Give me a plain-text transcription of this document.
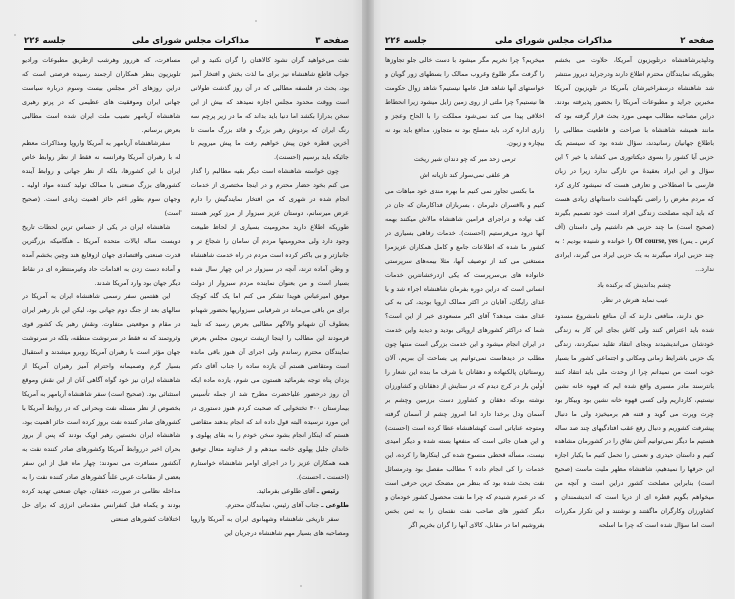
جلسه ۲۲۶	مذاکرات مجلس شورای ملی	صفحه ۳

نفت می‌خواهید گران نشود کالاهتان را گران نکنید و این جواب قاطع شاهنشاه نیز برای ما لذت بخش و افتخار آمیز بود، بحث در فلسفه مطالبی که در آن روز گذشت طولانی است ووقت محدود مجلس اجازه نمیدهد که بیش از این سخن بدرازا بکشد اما دنیا باید بداند که ما در زیر پرچم سه رنگ ایران که بردوش رهبر بزرگ و قائد بزرگ ماست تا آخرین قطره خون پیش خواهیم رفت ما پیش میرویم تا جائیکه باید برسیم (احسنت).

چون خواسته شاهنشاه است دیگر بقیه مطالبم را گذار می کنم بخود حضار محترم و در اینجا مختصری از خدمات انجام شده در شهری که من افتخار نمایندگیش را دارم عرض میرسانم، دوستان عزیز سبزوار از مرز کویر هستند طوریکه اطلاع دارید محرومیت بسیاری از لحاظ طبیعت وجود دارد ولی محرومیتها مردم آن سامان را شجاع تر و جانبازتر و بی باکتر کرده است مردم در راه خدمت شاهنشاه و وطن آماده ترند، آنچه در سبزوار در این چهار سال شده بسیار است و من بعنوان نماینده مردم سبزوار از دولت موفق امیرعباس هویدا تشکر می کنم اما یک گله کوچک برای من باقی می‌ماند در شرفیابی سبزواریها بحضور شهبانو بعطوف آن شهبانو والاگهر مطالبی بعرض رسید که تأیید فرمودند این مطالب را اینجا ازپشت تریبون مجلس بعرض نمایندگان محترم رساندم ولی اجرای آن هنوز باقی مانده است ومتقاضی هستم آن یازده ساده را جناب آقای دکتر یزدان پناه توجه بفرمائید هستون می شوم، یازده ماده ایکه آن روز درحضور علیاحضرت مطرح شد از جمله تأسیس بیمارستان ۳۰۰ تختخوابی که صحبت کردم هنوز دستوری در این مورد نرسیده البته قول داده اند که انجام بدهند متقاضی هستم که اینکار انجام بشود سخن خودم را به بقای پهلوی و خاندان جلیل پهلوی خاتمه میدهم و از خداوند متعال توفیق همه همکاران عزیز را در اجرای اوامر شاهنشاه خواستارم (احسنت ـ احسنت).

رئیس ـ آقای طلوعی بفرمائید.

طلوعی ـ جناب آقای رئیس، نمایندگان محترم.

سفر تاریخی شاهنشاه وشهبانوی ایران به آمریکا واروپا ومصاحبه های بسیار مهم شاهنشاه درجریان این

مسافرت، که هرروز وهرشب ازطریق مطبوعات ورادیو تلویزیون بنظر همکاران ارجمند رسیده فرصتی است که دراین روزهای آخر مجلس بیست وسوم درباره سیاست جهانی ایران وموفقیت های عظیمی که در پرتو رهبری شاهنشاه آریامهر نصیب ملت ایران شده است مطالبی بعرض برسانم.

سفرشاهنشاه آریامهر به آمریکا واروپا ومذاکرات معظم له با رهبران آمریکا وفرانسه نه فقط از نظر روابط خاص ایران با این کشورها، بلکه از نظر جهانی و روابط آینده کشورهای بزرگ صنعتی با ممالک تولید کننده مواد اولیه ـ وجهان سوم بطور اعم حائز اهمیت زیادی است. (صحیح است)

شاهنشاه ایران در یکی از حساس ترین لحظات تاریخ دویست ساله ایالات متحده آمریکا ـ هنگامیکه بزرگترین قدرت صنعتی واقتصادی جهان ازوقایع هند وچین بخشم آمده و آماده دست زدن به اقدامات حاد وغیرمنتظره ای در نقاط دیگر جهان بود وارد آمریکا شدند.

این هفتمین سفر رسمی شاهنشاه ایران به آمریکا در سالهای بعد از جنگ دوم جهانی بود، لیکن این بار رهبر ایران در مقام و موقعیتی متفاوت. ونقش رهبر یک کشور قوی وثروتمند که نه فقط در سرنوشت منطقه، بلکه در سرنوشت جهان مؤثر است با رهبران آمریکا روبرو میشدند و استقبال بسیار گرم وصمیمانه واحترام آمیز رهبران آمریکا از شاهنشاه ایران نیز خود گواه آگاهی آنان از این نقش وموقع استثنائی بود. (صحیح است) سفر شاهنشاه آریامهر به آمریکا بخصوص از نظر مسئله نفت وبحرانی که در روابط آمریکا با کشورهای صادر کننده نفت بروز کرده است حائز اهمیت بود، شاهنشاه ایران نخستین رهبر اوپک بودند که پس از بروز بحران اخیر درروابط آمریکا وکشورهای صادر کننده نفت به آنکشور مسافرت می نمودند: چهار ماه قبل از این سفر بعضی از مقامات غربی علناً کشورهای صادر کننده نفت را به مداخله نظامی در صورت، خفقان، جهان صنعتی تهدید کرده بودند و یکماه قبل کنفرانس مقدماتی انرژی که برای حل اختلافات کشورهای صنعتی

جلسه ۲۲۶	مذاکرات مجلس شورای ملی	صفحه ۲

ودلپذیرشاهنشاه درتلویزیون آمریکا، حلاوت می بخشم بطوریکه نمایندگان محترم اطلاع دارند ودرجراید دیروز منتشر شد شاهنشاه درسفراخیرشان بآمریکا در تلویزیون آمریکا مخبرین جراید و مطبوعات آمریکا را بحضور پذیرفته بودند. دراین مصاحبه مطالب مهمی مورد بحث قرار گرفته بود که مانند همیشه شاهنشاه با صراحت و قاطعیت مطالبی را باطلاع جهانیان رسانیدند، سؤال شده بود که سیستم یک حزبی آیا کشور را بسوی دیکتاتوری می کشاند یا خیر ؟ این سؤال و این ایراد بعقیدهٔ من تازگی ندارد زیرا در زبان فارسی ما اصطلاحی و تعارفی هست که نمیشود کاری کرد که مردم مغرض را راضی نگهداشت داستانهای زیادی هست که باید آنچه مصلحت زندگی افراد است خود تصمیم بگیرند (صحیح است) ما چند حزبی هم داشتیم ولی داستان (آف کرس ـ یس) Of course, yes را خوانده و شنیده بودیم ؛ به چند حزبی ایراد میگیرند به یک حزبی ایراد می گیرند، ایرادی ندارد...

چشم بداندیش که برکنده باد

عیب نماید هنرش در نظر.

حق دارند، منافعی دارند که آن منافع نامشروع مسدود شده باید اعتراض کنند ولی کاش بجای این کار به زندگی خودشان می‌اندیشیدند وبجای انتقاد تقلید نمیکردند، زندگی یک حزبی باشرایط زمانی ومکانی و اجتماعی کشور ما بسیار خوب است من نمیدانم چرا از وحدت ملی باید انتقاد کنند بانترسند مادر مسیری واقع شده ایم که قهوه خانه نشین نیستیم، کارداریم ولی کسی قهوه خانه نشین بود وبیکار بود چرت وپرت می گوید و فتنه هم برمیخیزد ولی ما دنبال پیشرفت کشوریم و دنبال رفع عقب افتادگیهای چند صد ساله هستیم ما دیگر نمی‌توانیم آتش نفاق را در کشورمان مشاهده کنیم و داستان حیدری و نعمتی را تحمل کنیم ما یکبار اجازه این حرفها را نمیدهیم، شاهنشاه مظهر ملیت ماست (صحیح است) بنابراین مصلحت کشور دراین است و آنچه من میخواهم بگویم قطره ای از دریا است که اندیشمندان و کشاورزان وکارگران ماگفتند و نوشتند و این تکرار مکررات است اما سؤال شده است که چرا ما اسلحه

میخریم؟ چرا نخریم مگر میشود با دست خالی جلو تجاوزها را گرفت مگر طلوع وغروب ممالک را بسطهای زور گویان و خواستهای آنها شاهد قتل عامها نیستیم؟ شاهد زوال حکومت ها نیستیم؟ چرا ملتی از روی زمین زایل میشود زیرا انحطاط اخلاقی پیدا می کند نمی‌شود مملکت را با الحاح وعجز و زاری اداره کرد، باید مسلح بود نه متجاوز، مدافع باید بود نه بیچاره و زبون.

ترمی زحد مبر که چو دندان شیر ریخت

هر علفی نمی‌سوار کند تازیانه اش

ما بکسی تجاوز نمی کنیم ما بهره مندی خود مباهات می کنیم و باافسران دلیرمان ، بسربازان فداکارمان که جان در کف نهاده و دراجرای فرامین شاهنشاه مالاش میکنند بهمه آنها درود می‌فرستیم (احسنت). خدمات رفاهی بسیاری در کشور ما شده که اطلاعات جامع و کامل همکاران عزیزمرا مستغنی می کند از توصیف آنها، مثلا بیمه‌های سرپرستی خانواده های بی‌سرپرست که یکی ازدرخشانترین خدمات انسانی است که دراین دوره بفرمان شاهنشاه اجراء شد و یا غذای رایگان، آقایان در اکثر ممالک اروپا بودید، کی به کی غذای مفت میدهد؟ آقای اکبر مسعودی خبر از این است؟ شما که دراکثر کشورهای اروپائی بودید و دیدید واین خدمت در ایران انجام میشود و این خدمت بزرگی است منتها چون مطلب در دیدهاست نمی‌توانیم پی بساحت آن ببریم، آلان روستائیان پالکنهاده و دهقانان با شرف ما بنده این شعار را اولین بار در کرج دیدم که در ستایش از دهقانان و کشاورزان نوشته بودکه دهقان و کشاورز دست برزمین وچشم بر آسمان ودل برخدا دارد اما امروز چشم از آسمان گرفته ومتوجه عنایاتی است کهشاهنشاه عطا کرده است (احسنت) و این همان جائی است که منفعها بسته شده و دیگر امیدی نیست، مسأله قحطی منسوخ شده کی اینکارها را کرده، این خدمات را کی انجام داده ؟ مطالب مفصل بود ودرمسائل نفت بحث شده بود که بنظر من مضحک ترین حرفی است که در عمرم شنیدم که چرا ما نفت محصول کشور خودمان و دیگر کشور های صاحب نفت نفتمان را به ثمن بخس بفروشیم اما در مقابل، کالای آنها را گران بخریم اگر
